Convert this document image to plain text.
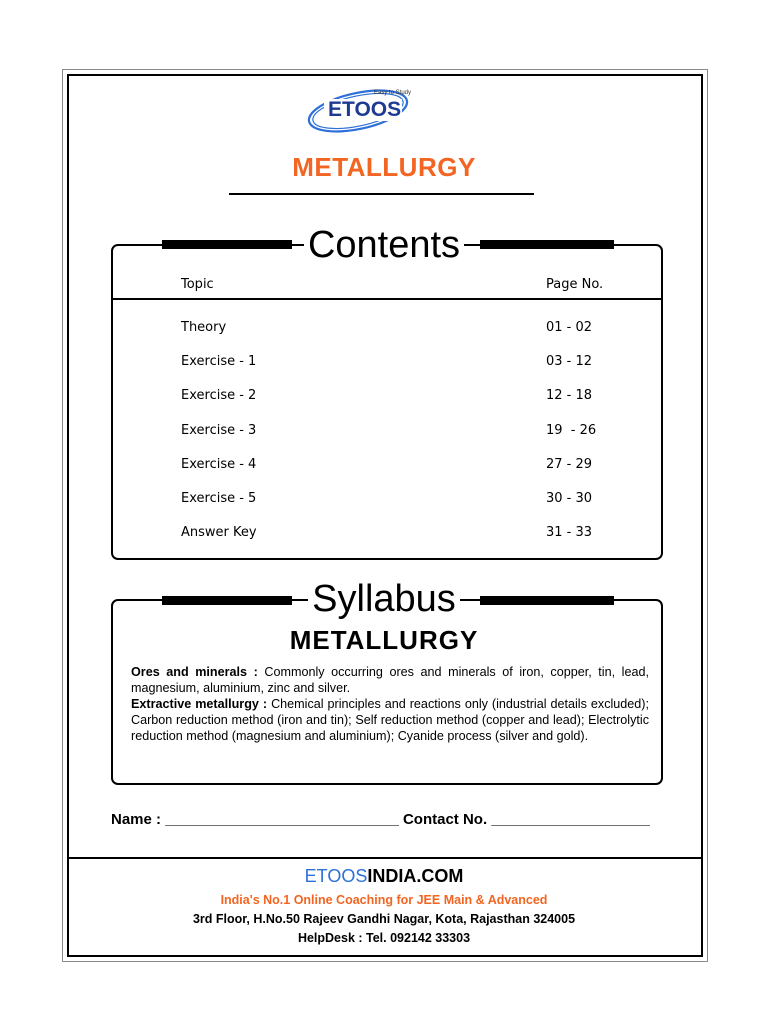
ETOOS
Easy to Study
METALLURGY
Contents
Topic	Page No.
Theory	01 - 02
Exercise - 1	03 - 12
Exercise - 2	12 - 18
Exercise - 3	19  - 26
Exercise - 4	27 - 29
Exercise - 5	30 - 30
Answer Key	31 - 33
Syllabus
METALLURGY

Ores and minerals : Commonly occurring ores and minerals of iron, copper, tin, lead, magnesium, aluminium, zinc and silver.

Extractive metallurgy : Chemical principles and reactions only (industrial details excluded); Carbon reduction method (iron and tin); Self reduction method (copper and lead); Electrolytic reduction method (magnesium and aluminium); Cyanide process (silver and gold).

Name : ____________________________ Contact No. ___________________
ETOOSINDIA.COM
India's No.1 Online Coaching for JEE Main & Advanced
3rd Floor, H.No.50 Rajeev Gandhi Nagar, Kota, Rajasthan 324005
HelpDesk : Tel. 092142 33303
